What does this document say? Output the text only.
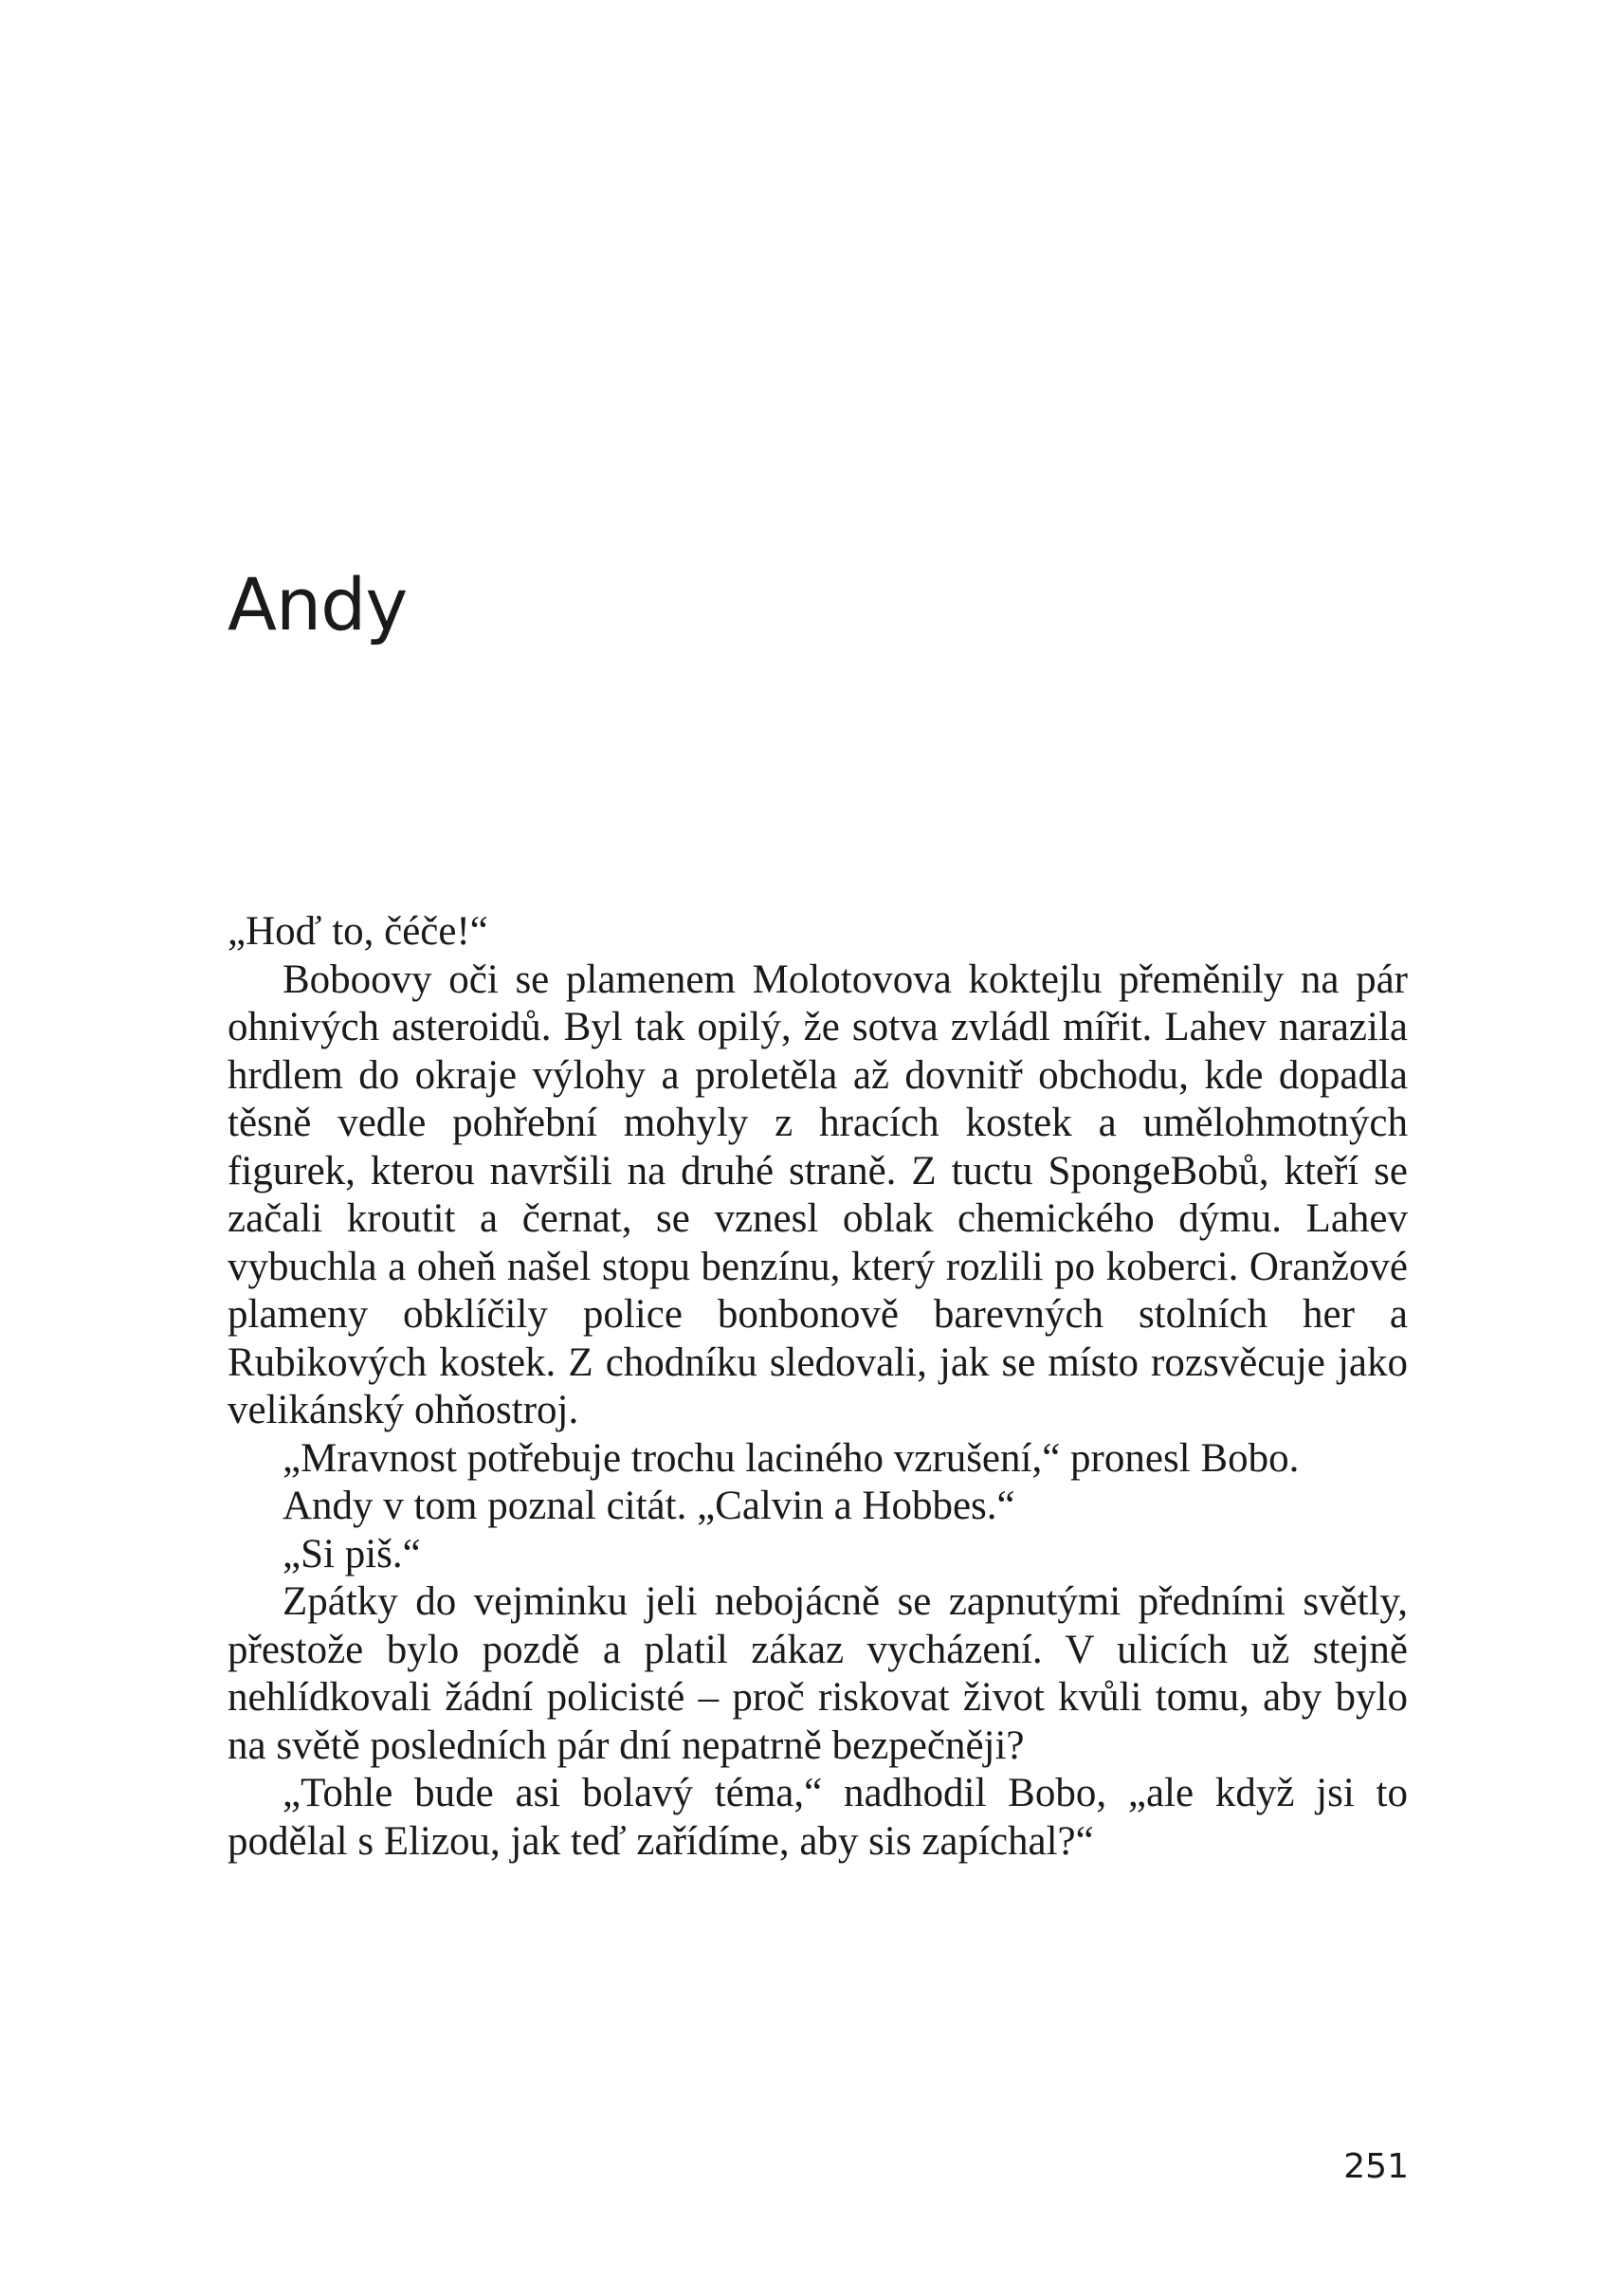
Andy

„Hoď to, čéče!“

Boboovy oči se plamenem Molotovova koktejlu přeměnily na pár ohnivých asteroidů. Byl tak opilý, že sotva zvládl mířit. Lahev narazila hrdlem do okraje výlohy a proletěla až dovnitř obchodu, kde dopadla těsně vedle pohřební mohyly z hracích kostek a umělohmotných figurek, kterou navršili na druhé straně. Z tuctu SpongeBobů, kteří se začali kroutit a černat, se vznesl oblak chemického dýmu. Lahev vybuchla a oheň našel stopu benzínu, který rozlili po koberci. Oranžové plameny obklíčily police bonbonově barevných stolních her a Rubikových kostek. Z chodníku sledovali, jak se místo rozsvěcuje jako velikánský ohňostroj.

„Mravnost potřebuje trochu laciného vzrušení,“ pronesl Bobo.

Andy v tom poznal citát. „Calvin a Hobbes.“

„Si piš.“

Zpátky do vejminku jeli nebojácně se zapnutými předními světly, přestože bylo pozdě a platil zákaz vycházení. V ulicích už stejně nehlídkovali žádní policisté – proč riskovat život kvůli tomu, aby bylo na světě posledních pár dní nepatrně bezpečněji?

„Tohle bude asi bolavý téma,“ nadhodil Bobo, „ale když jsi to podělal s Elizou, jak teď zařídíme, aby sis zapíchal?“

251
